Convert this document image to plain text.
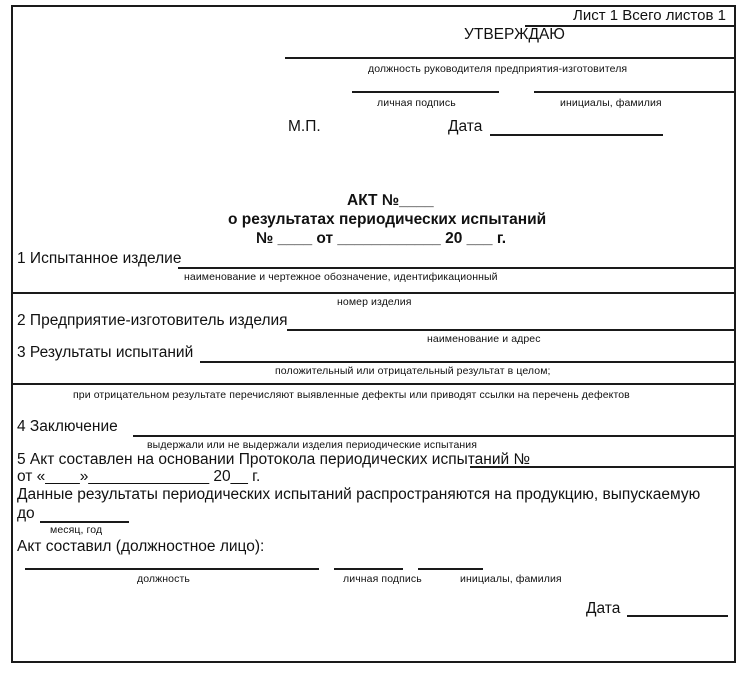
Лист 1 Всего листов 1
УТВЕРЖДАЮ
должность руководителя предприятия-изготовителя
личная подпись	инициалы, фамилия
М.П.	Дата
АКТ №____
о результатах периодических испытаний
№ ____ от ____________ 20 ___ г.
1 Испытанное изделие
наименование и чертежное обозначение, идентификационный
номер изделия
2 Предприятие-изготовитель изделия
наименование и адрес
3 Результаты испытаний
положительный или отрицательный результат в целом;
при отрицательном результате перечисляют выявленные дефекты или приводят ссылки на перечень дефектов
4 Заключение
выдержали или не выдержали изделия периодические испытания
5 Акт составлен на основании Протокола периодических испытаний №
от «____»______________ 20__ г.
Данные результаты периодических испытаний распространяются на продукцию, выпускаемую
до
месяц, год
Акт составил (должностное лицо):
должность	личная подпись	инициалы, фамилия
Дата
